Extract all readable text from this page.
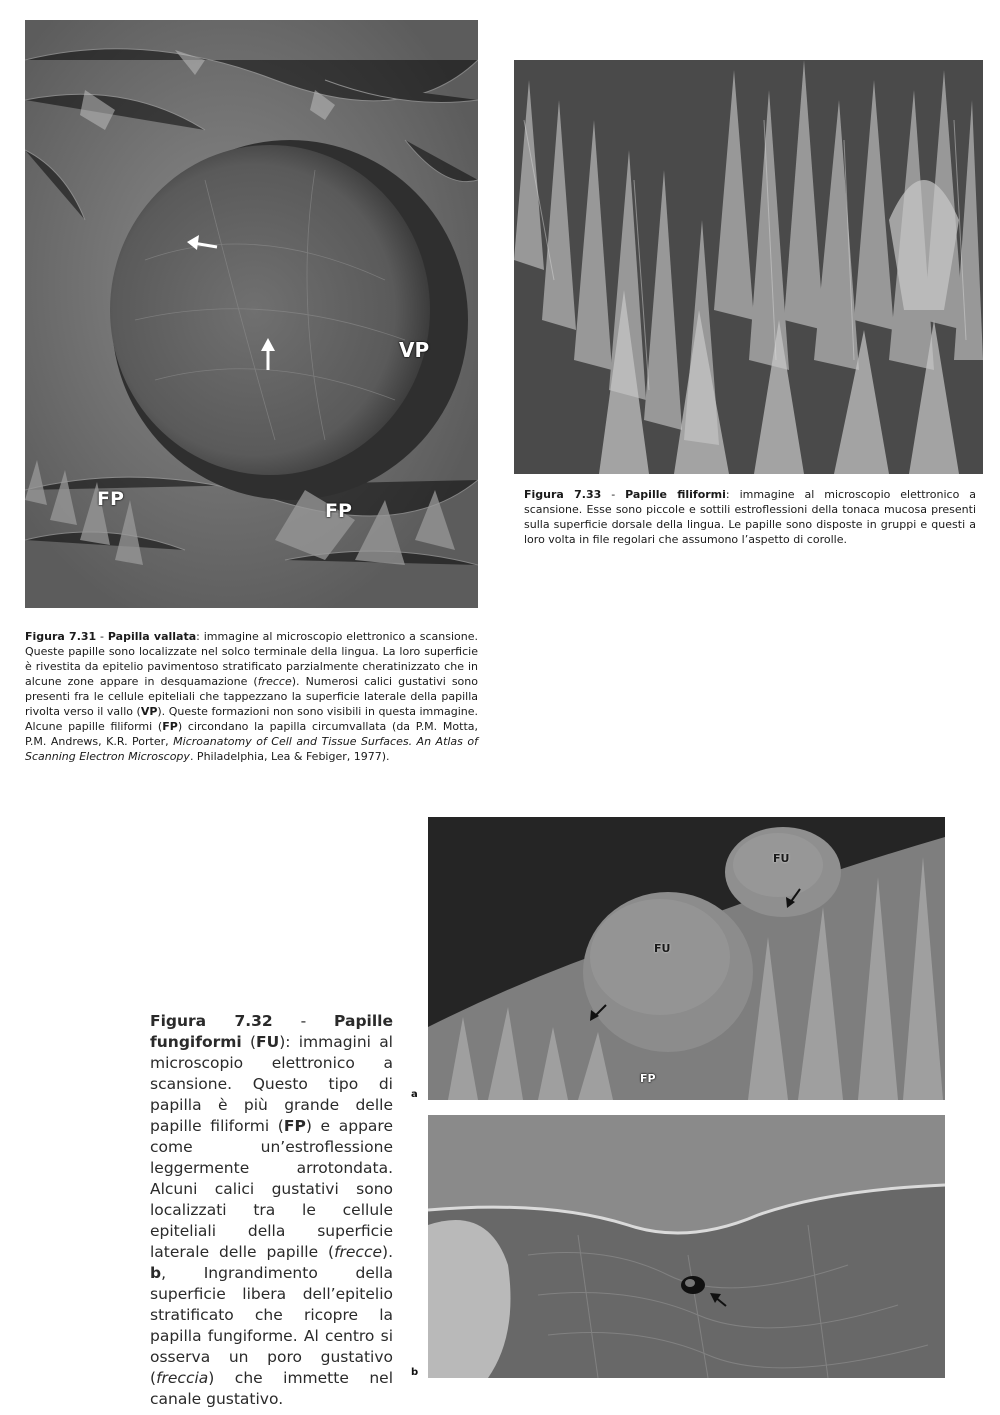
VP
FP
FP
Figura 7.33 - Papille filiformi: immagine al microscopio elettronico a scansione. Esse sono piccole e sottili estroflessioni della tonaca mucosa presenti sulla superficie dorsale della lingua. Le papille sono disposte in gruppi e questi a loro volta in file regolari che assumono l’aspetto di corolle.
Figura 7.31 - Papilla vallata: immagine al microscopio elettronico a scansione. Queste papille sono localizzate nel solco terminale della lingua. La loro superficie è rivestita da epitelio pavimentoso stratificato parzialmente cheratinizzato che in alcune zone appare in desquamazione (frecce). Numerosi calici gustativi sono presenti fra le cellule epiteliali che tappezzano la superficie laterale della papilla rivolta verso il vallo (VP). Queste formazioni non sono visibili in questa immagine. Alcune papille filiformi (FP) circondano la papilla circumvallata (da P.M. Motta, P.M. Andrews, K.R. Porter, Microanatomy of Cell and Tissue Surfaces. An Atlas of Scanning Electron Microscopy. Philadelphia, Lea & Febiger, 1977).
FU
FU
FP
a
b
Figura 7.32 - Papille fungiformi (FU): immagini al microscopio elettronico a scansione. Questo tipo di papilla è più grande delle papille filiformi (FP) e appare come un’estroflessione leggermente arrotondata. Alcuni calici gustativi sono localizzati tra le cellule epiteliali della superficie laterale delle papille (frecce). b, Ingrandimento della superficie libera dell’epitelio stratificato che ricopre la papilla fungiforme. Al centro si osserva un poro gustativo (freccia) che immette nel canale gustativo.
